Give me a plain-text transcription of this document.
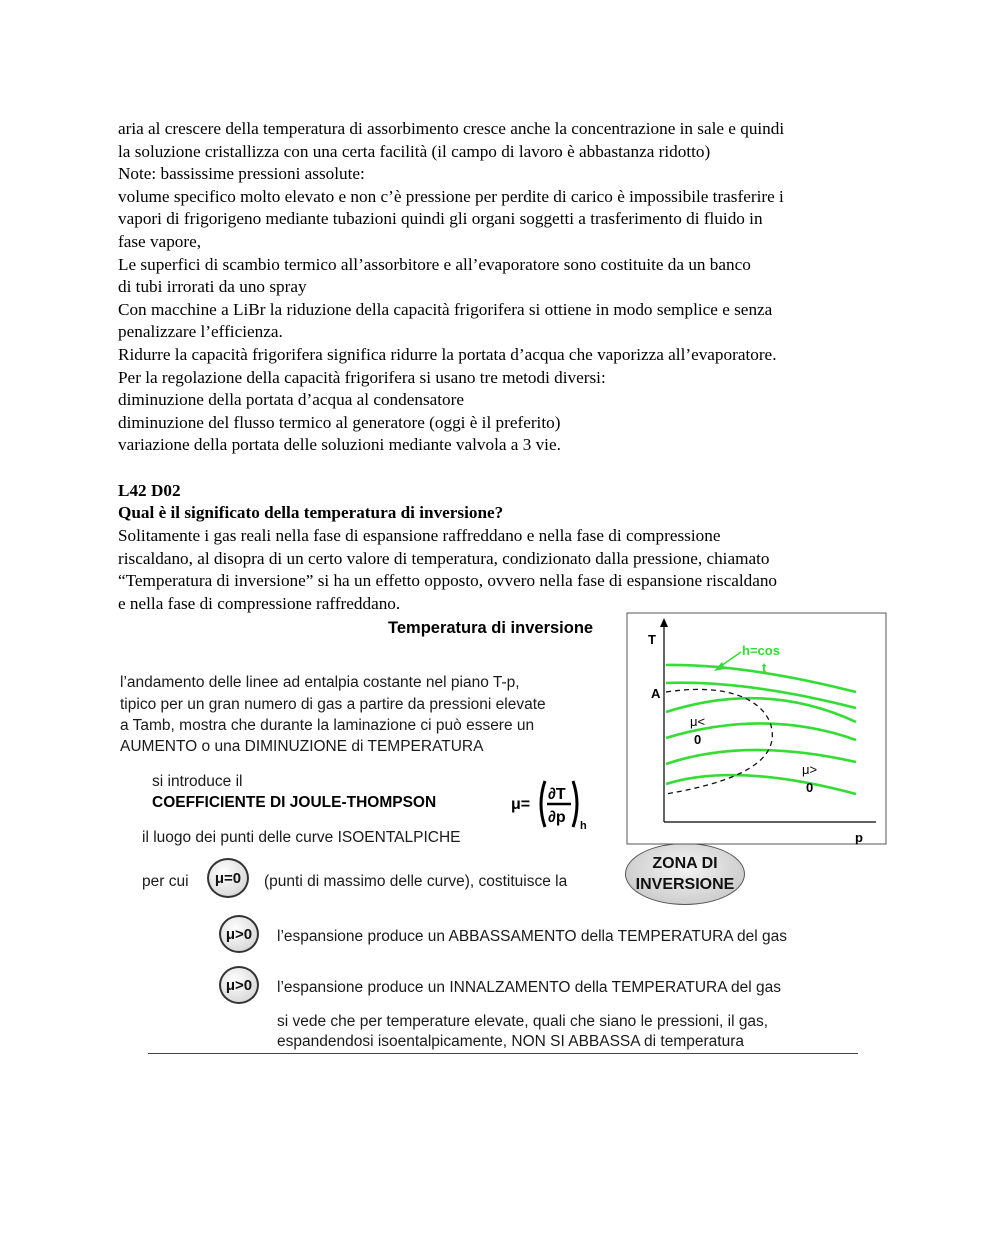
aria al crescere della temperatura di assorbimento cresce anche la concentrazione in sale e quindi
la soluzione cristallizza con una certa facilità (il campo di lavoro è abbastanza ridotto)
Note: bassissime pressioni assolute:
volume specifico molto elevato e non c’è pressione per perdite di carico è impossibile trasferire i
vapori di frigorigeno mediante tubazioni quindi gli organi soggetti a trasferimento di fluido in
fase vapore,
Le superfici di scambio termico all’assorbitore e all’evaporatore sono costituite da un banco
di tubi irrorati da uno spray
Con macchine a LiBr la riduzione della capacità frigorifera si ottiene in modo semplice e senza
penalizzare l’efficienza.
Ridurre la capacità frigorifera significa ridurre la portata d’acqua che vaporizza all’evaporatore.
Per la regolazione della capacità frigorifera si usano tre metodi diversi:
diminuzione della portata d’acqua al condensatore
diminuzione del flusso termico al generatore (oggi è il preferito)
variazione della portata delle soluzioni mediante valvola a 3 vie.
L42 D02
Qual è il significato della temperatura di inversione?
Solitamente i gas reali nella fase di espansione raffreddano e nella fase di compressione
riscaldano, al disopra di un certo valore di temperatura, condizionato dalla pressione, chiamato
“Temperatura di inversione” si ha un effetto opposto, ovvero nella fase di espansione riscaldano
e nella fase di compressione raffreddano.
Temperatura di inversione
l’andamento delle linee ad entalpia costante nel piano T-p,
tipico per un gran numero di gas a partire da pressioni elevate
a Tamb, mostra che durante la laminazione ci può essere un
AUMENTO o una DIMINUZIONE di TEMPERATURA
si introduce il
COEFFICIENTE DI JOULE-THOMPSON	μ=
∂T
∂p h
il luogo dei punti delle curve ISOENTALPICHE
per cui	μ=0	(punti di massimo delle curve), costituisce la
ZONA DI
INVERSIONE
μ>0	l’espansione produce un ABBASSAMENTO della TEMPERATURA del gas
μ>0	l’espansione produce un INNALZAMENTO della TEMPERATURA del gas
si vede che per temperature elevate, quali che siano le pressioni, il gas,
espandendosi isoentalpicamente, NON SI ABBASSA di temperatura
T
p
A
h=cos
t
μ<
0
μ>
0
